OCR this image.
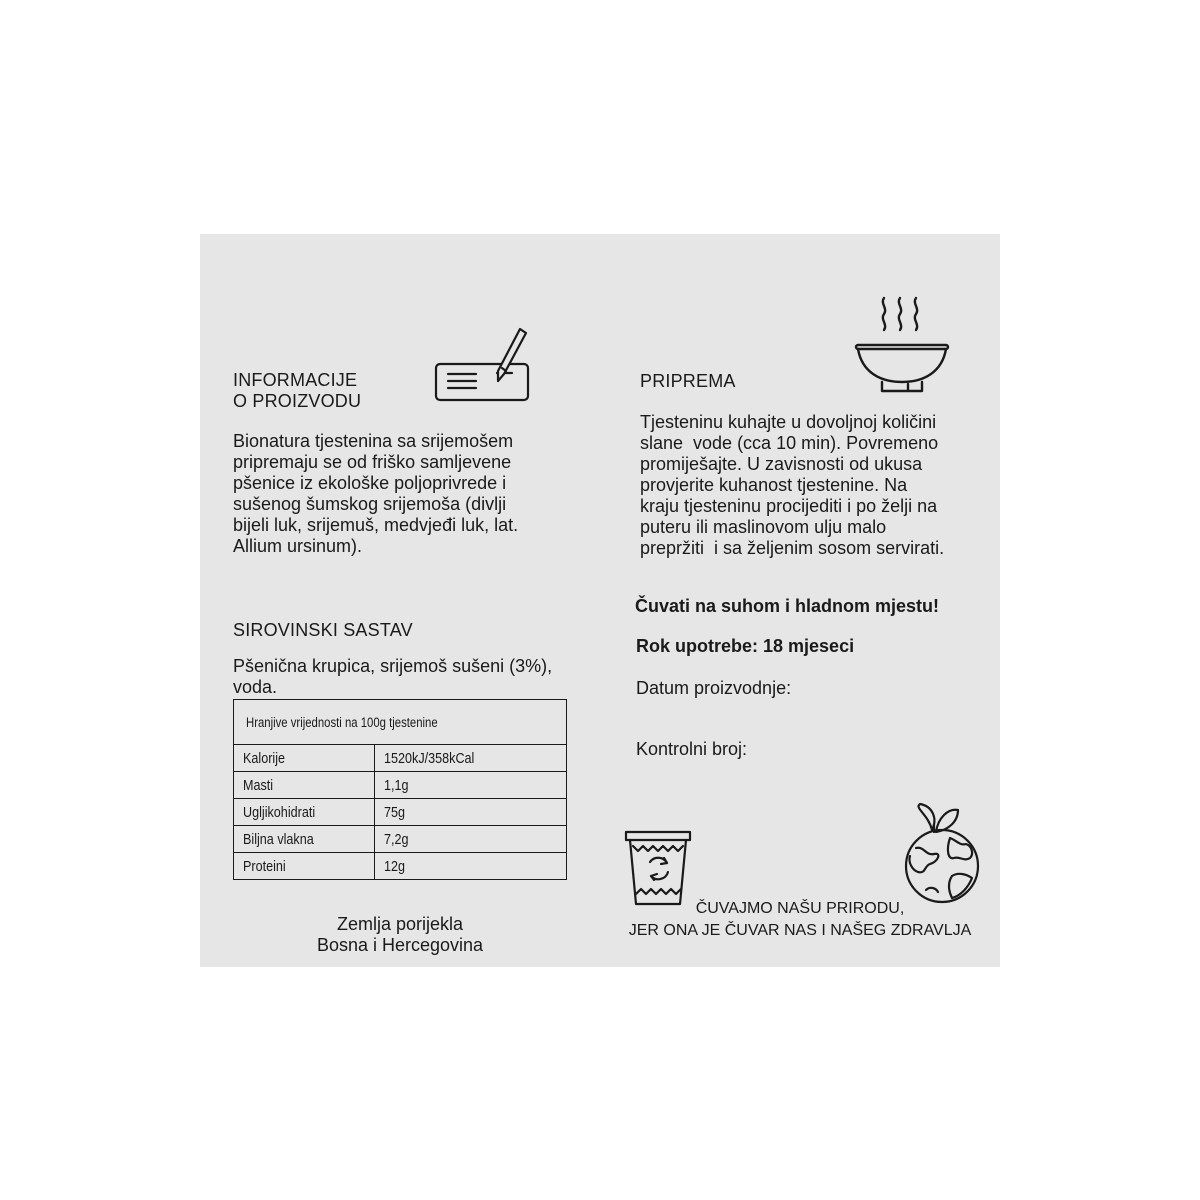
INFORMACIJE
O PROIZVODU
Bionatura tjestenina sa srijemošem
pripremaju se od friško samljevene
pšenice iz ekološke poljoprivrede i
sušenog šumskog srijemoša (divlji
bijeli luk, srijemuš, medvjeđi luk, lat.
Allium ursinum).
SIROVINSKI SASTAV
Pšenična krupica, srijemoš sušeni (3%),
voda.
Hranjive vrijednosti na 100g tjestenine	
Kalorije	1520kJ/358kCal
Masti	1,1g
Ugljikohidrati	75g
Biljna vlakna	7,2g
Proteini	12g
Zemlja porijekla
Bosna i Hercegovina
PRIPREMA
Tjesteninu kuhajte u dovoljnoj količini
slane  vode (cca 10 min). Povremeno
promiješajte. U zavisnosti od ukusa
provjerite kuhanost tjestenine. Na
kraju tjesteninu procijediti i po želji na
puteru ili maslinovom ulju malo
prepržiti  i sa željenim sosom servirati.
Čuvati na suhom i hladnom mjestu!
Rok upotrebe: 18 mjeseci
Datum proizvodnje:
Kontrolni broj:
ČUVAJMO NAŠU PRIRODU,
JER ONA JE ČUVAR NAS I NAŠEG ZDRAVLJA
